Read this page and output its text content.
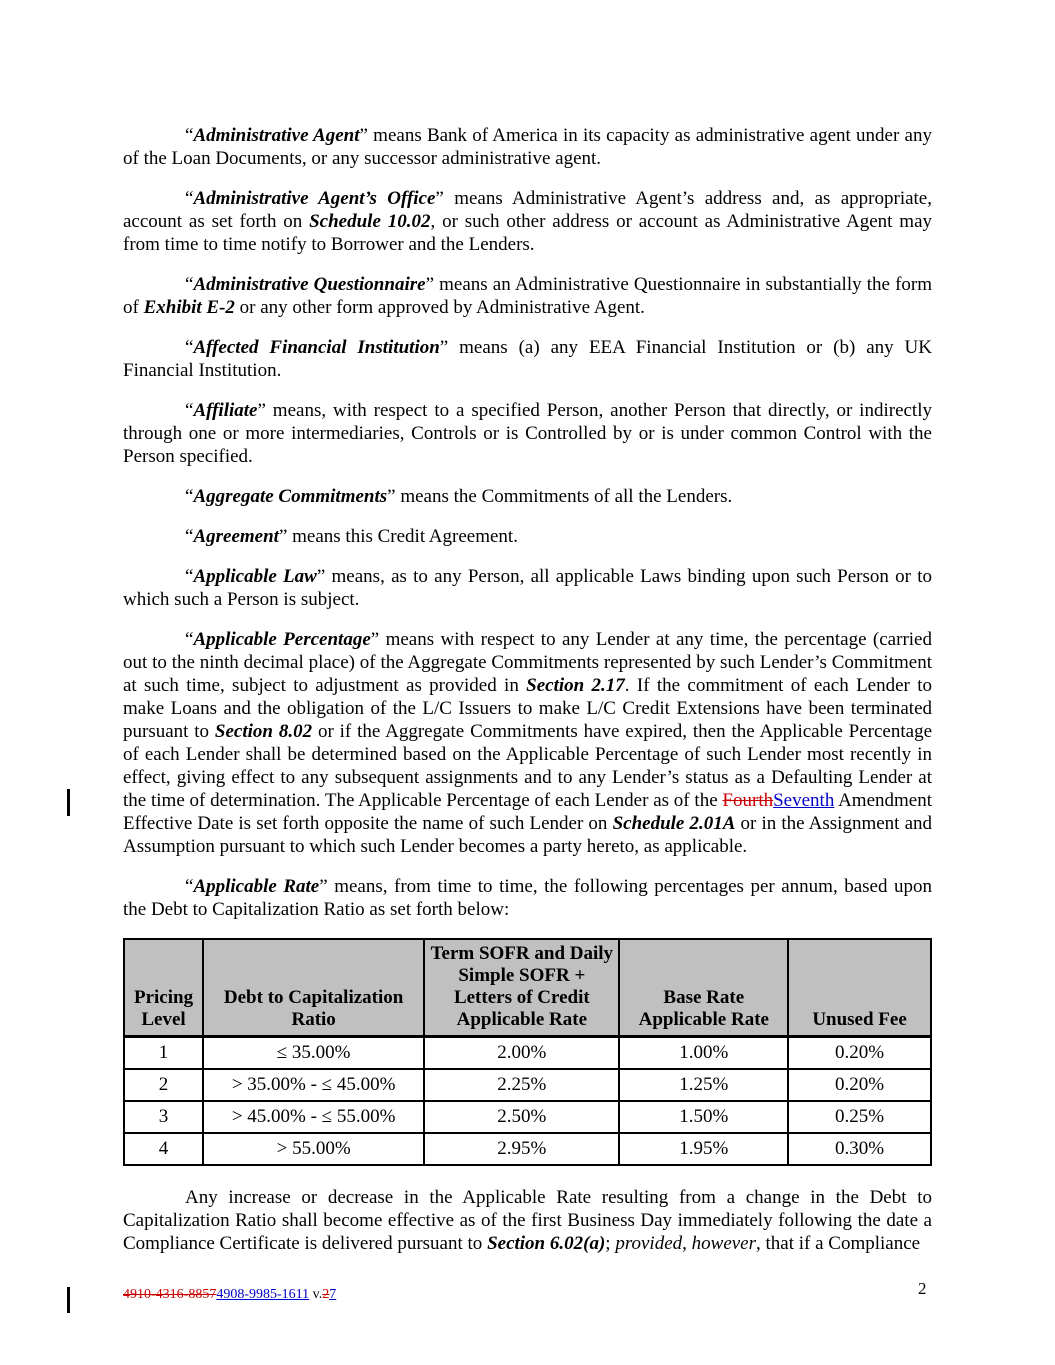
“Administrative Agent” means Bank of America in its capacity as administrative agent under any of the Loan Documents, or any successor administrative agent.

“Administrative Agent’s Office” means Administrative Agent’s address and, as appropriate, account as set forth on Schedule 10.02, or such other address or account as Administrative Agent may from time to time notify to Borrower and the Lenders.

“Administrative Questionnaire” means an Administrative Questionnaire in substantially the form of Exhibit E-2 or any other form approved by Administrative Agent.

“Affected Financial Institution” means (a) any EEA Financial Institution or (b) any UK Financial Institution.

“Affiliate” means, with respect to a specified Person, another Person that directly, or indirectly through one or more intermediaries, Controls or is Controlled by or is under common Control with the Person specified.

“Aggregate Commitments” means the Commitments of all the Lenders.

“Agreement” means this Credit Agreement.

“Applicable Law” means, as to any Person, all applicable Laws binding upon such Person or to which such a Person is subject.

“Applicable Percentage” means with respect to any Lender at any time, the percentage (carried out to the ninth decimal place) of the Aggregate Commitments represented by such Lender’s Commitment at such time, subject to adjustment as provided in Section 2.17. If the commitment of each Lender to make Loans and the obligation of the L/C Issuers to make L/C Credit Extensions have been terminated pursuant to Section 8.02 or if the Aggregate Commitments have expired, then the Applicable Percentage of each Lender shall be determined based on the Applicable Percentage of such Lender most recently in effect, giving effect to any subsequent assignments and to any Lender’s status as a Defaulting Lender at the time of determination. The Applicable Percentage of each Lender as of the FourthSeventh Amendment Effective Date is set forth opposite the name of such Lender on Schedule 2.01A or in the Assignment and Assumption pursuant to which such Lender becomes a party hereto, as applicable.

“Applicable Rate” means, from time to time, the following percentages per annum, based upon the Debt to Capitalization Ratio as set forth below:

Pricing Level	Debt to Capitalization Ratio	Term SOFR and Daily Simple SOFR + Letters of Credit Applicable Rate	Base Rate Applicable Rate	Unused Fee
1	≤ 35.00%	2.00%	1.00%	0.20%
2	> 35.00% - ≤ 45.00%	2.25%	1.25%	0.20%
3	> 45.00% - ≤ 55.00%	2.50%	1.50%	0.25%
4	> 55.00%	2.95%	1.95%	0.30%

Any increase or decrease in the Applicable Rate resulting from a change in the Debt to Capitalization Ratio shall become effective as of the first Business Day immediately following the date a Compliance Certificate is delivered pursuant to Section 6.02(a); provided, however, that if a Compliance

4910-4316-88574908-9985-1611 v.27	2
